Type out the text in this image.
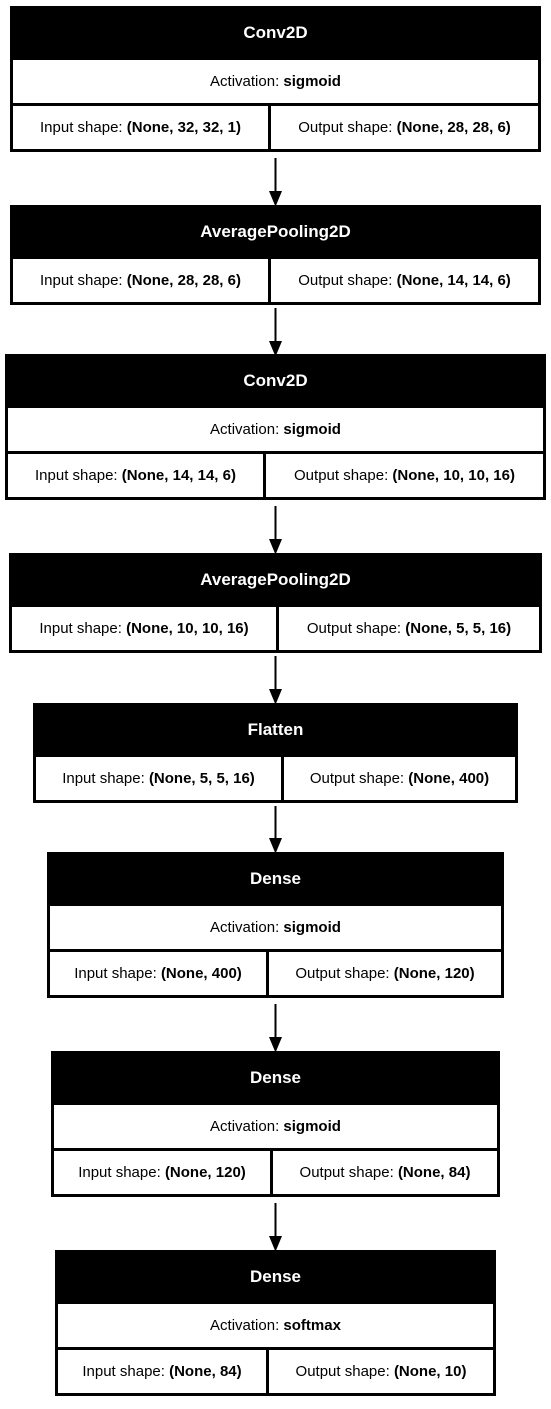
Conv2D
Activation: sigmoid
Input shape: (None, 32, 32, 1)	Output shape: (None, 28, 28, 6)
AveragePooling2D
Input shape: (None, 28, 28, 6)	Output shape: (None, 14, 14, 6)
Conv2D
Activation: sigmoid
Input shape: (None, 14, 14, 6)	Output shape: (None, 10, 10, 16)
AveragePooling2D
Input shape: (None, 10, 10, 16)	Output shape: (None, 5, 5, 16)
Flatten
Input shape: (None, 5, 5, 16)	Output shape: (None, 400)
Dense
Activation: sigmoid
Input shape: (None, 400)	Output shape: (None, 120)
Dense
Activation: sigmoid
Input shape: (None, 120)	Output shape: (None, 84)
Dense
Activation: softmax
Input shape: (None, 84)	Output shape: (None, 10)
